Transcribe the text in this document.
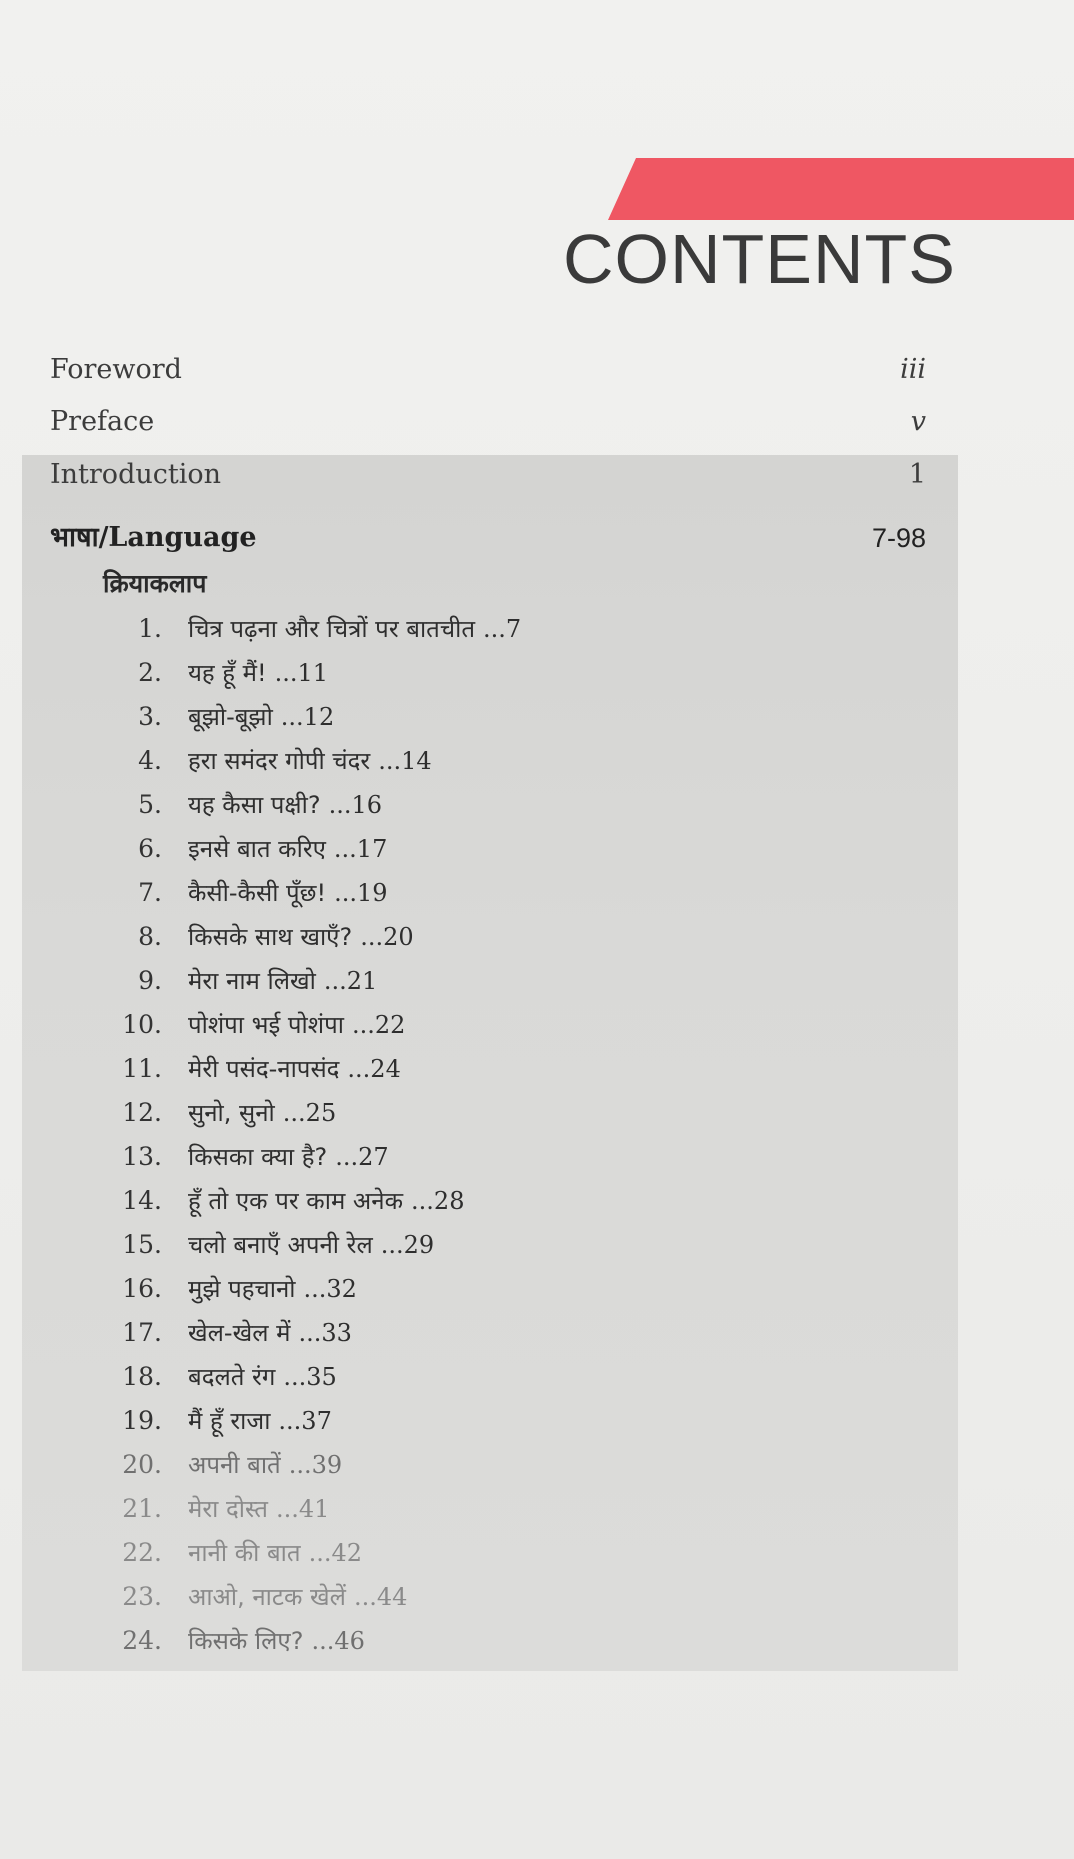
CONTENTS
Foreword	iii
Preface	v
Introduction	1
भाषा/Language	7-98
क्रियाकलाप
1. चित्र पढ़ना और चित्रों पर बातचीत ...7
2. यह हूँ मैं! ...11
3. बूझो-बूझो ...12
4. हरा समंदर गोपी चंदर ...14
5. यह कैसा पक्षी? ...16
6. इनसे बात करिए ...17
7. कैसी-कैसी पूँछ! ...19
8. किसके साथ खाएँ? ...20
9. मेरा नाम लिखो ...21
10. पोशंपा भई पोशंपा ...22
11. मेरी पसंद-नापसंद ...24
12. सुनो, सुनो ...25
13. किसका क्या है? ...27
14. हूँ तो एक पर काम अनेक ...28
15. चलो बनाएँ अपनी रेल ...29
16. मुझे पहचानो ...32
17. खेल-खेल में ...33
18. बदलते रंग ...35
19. मैं हूँ राजा ...37
20. अपनी बातें ...39
21. मेरा दोस्त ...41
22. नानी की बात ...42
23. आओ, नाटक खेलें ...44
24. किसके लिए? ...46
